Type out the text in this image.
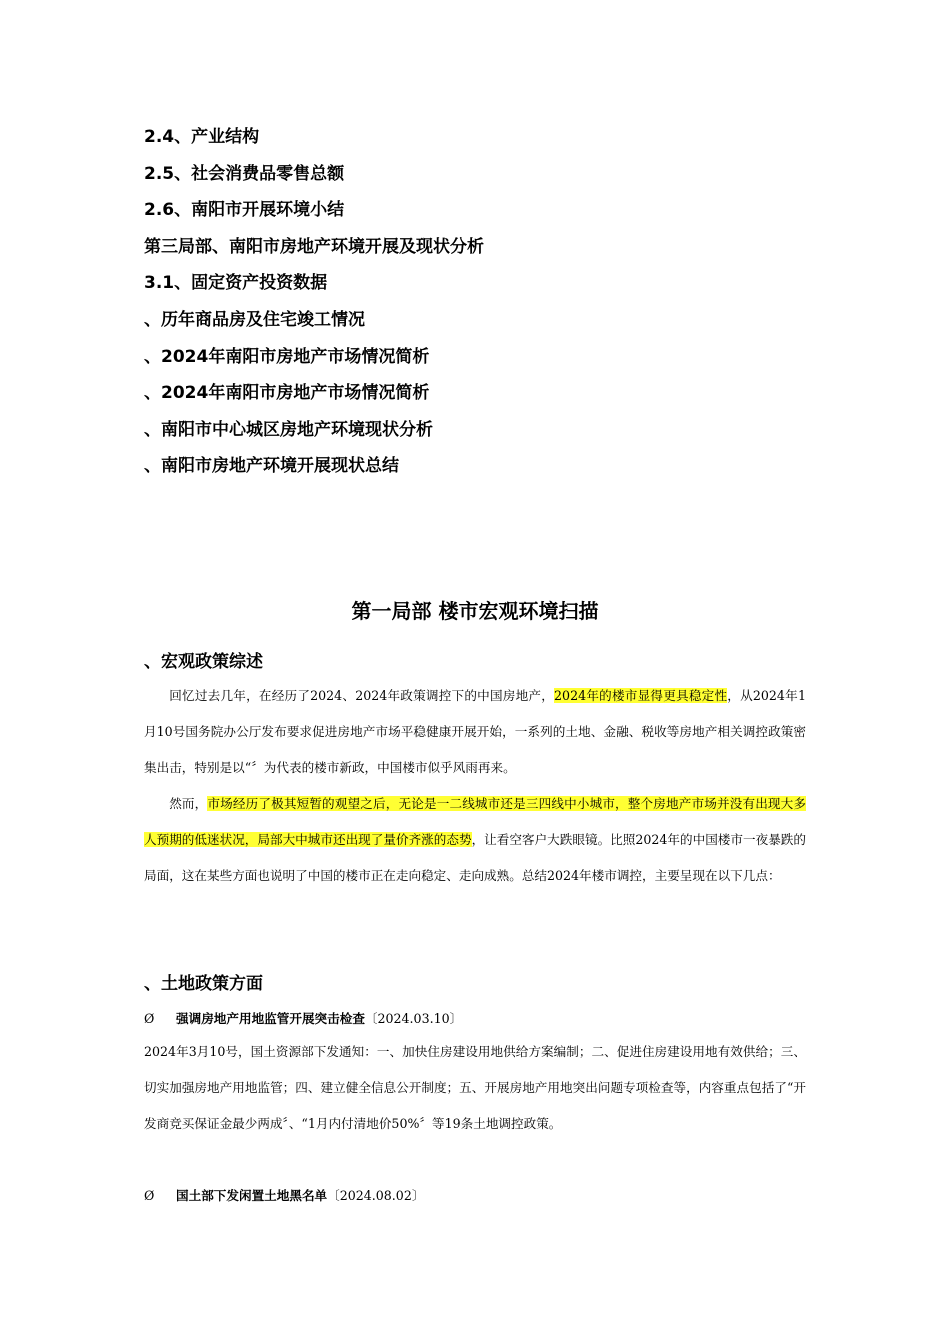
2.4、产业结构
2.5、社会消费品零售总额
2.6、南阳市开展环境小结
第三局部、南阳市房地产环境开展及现状分析
3.1、固定资产投资数据
、历年商品房及住宅竣工情况
、2024年南阳市房地产市场情况简析
、2024年南阳市房地产市场情况简析
、南阳市中心城区房地产环境现状分析
、南阳市房地产环境开展现状总结
第一局部 楼市宏观环境扫描
、宏观政策综述

回忆过去几年，在经历了2024、2024年政策调控下的中国房地产，2024年的楼市显得更具稳定性，从2024年1月10号国务院办公厅发布要求促进房地产市场平稳健康开展开始，一系列的土地、金融、税收等房地产相关调控政策密集出击，特别是以“〞为代表的楼市新政，中国楼市似乎风雨再来。

然而，市场经历了极其短暂的观望之后，无论是一二线城市还是三四线中小城市，整个房地产市场并没有出现大多人预期的低迷状况，局部大中城市还出现了量价齐涨的态势，让看空客户大跌眼镜。比照2024年的中国楼市一夜暴跌的局面，这在某些方面也说明了中国的楼市正在走向稳定、走向成熟。总结2024年楼市调控，主要呈现在以下几点：

、土地政策方面
Ø 强调房地产用地监管开展突击检查〔2024.03.10〕

2024年3月10号，国土资源部下发通知：一、加快住房建设用地供给方案编制；二、促进住房建设用地有效供给；三、切实加强房地产用地监管；四、建立健全信息公开制度；五、开展房地产用地突出问题专项检查等，内容重点包括了“开发商竞买保证金最少两成〞、“1月内付清地价50%〞等19条土地调控政策。

Ø 国土部下发闲置土地黑名单〔2024.08.02〕
